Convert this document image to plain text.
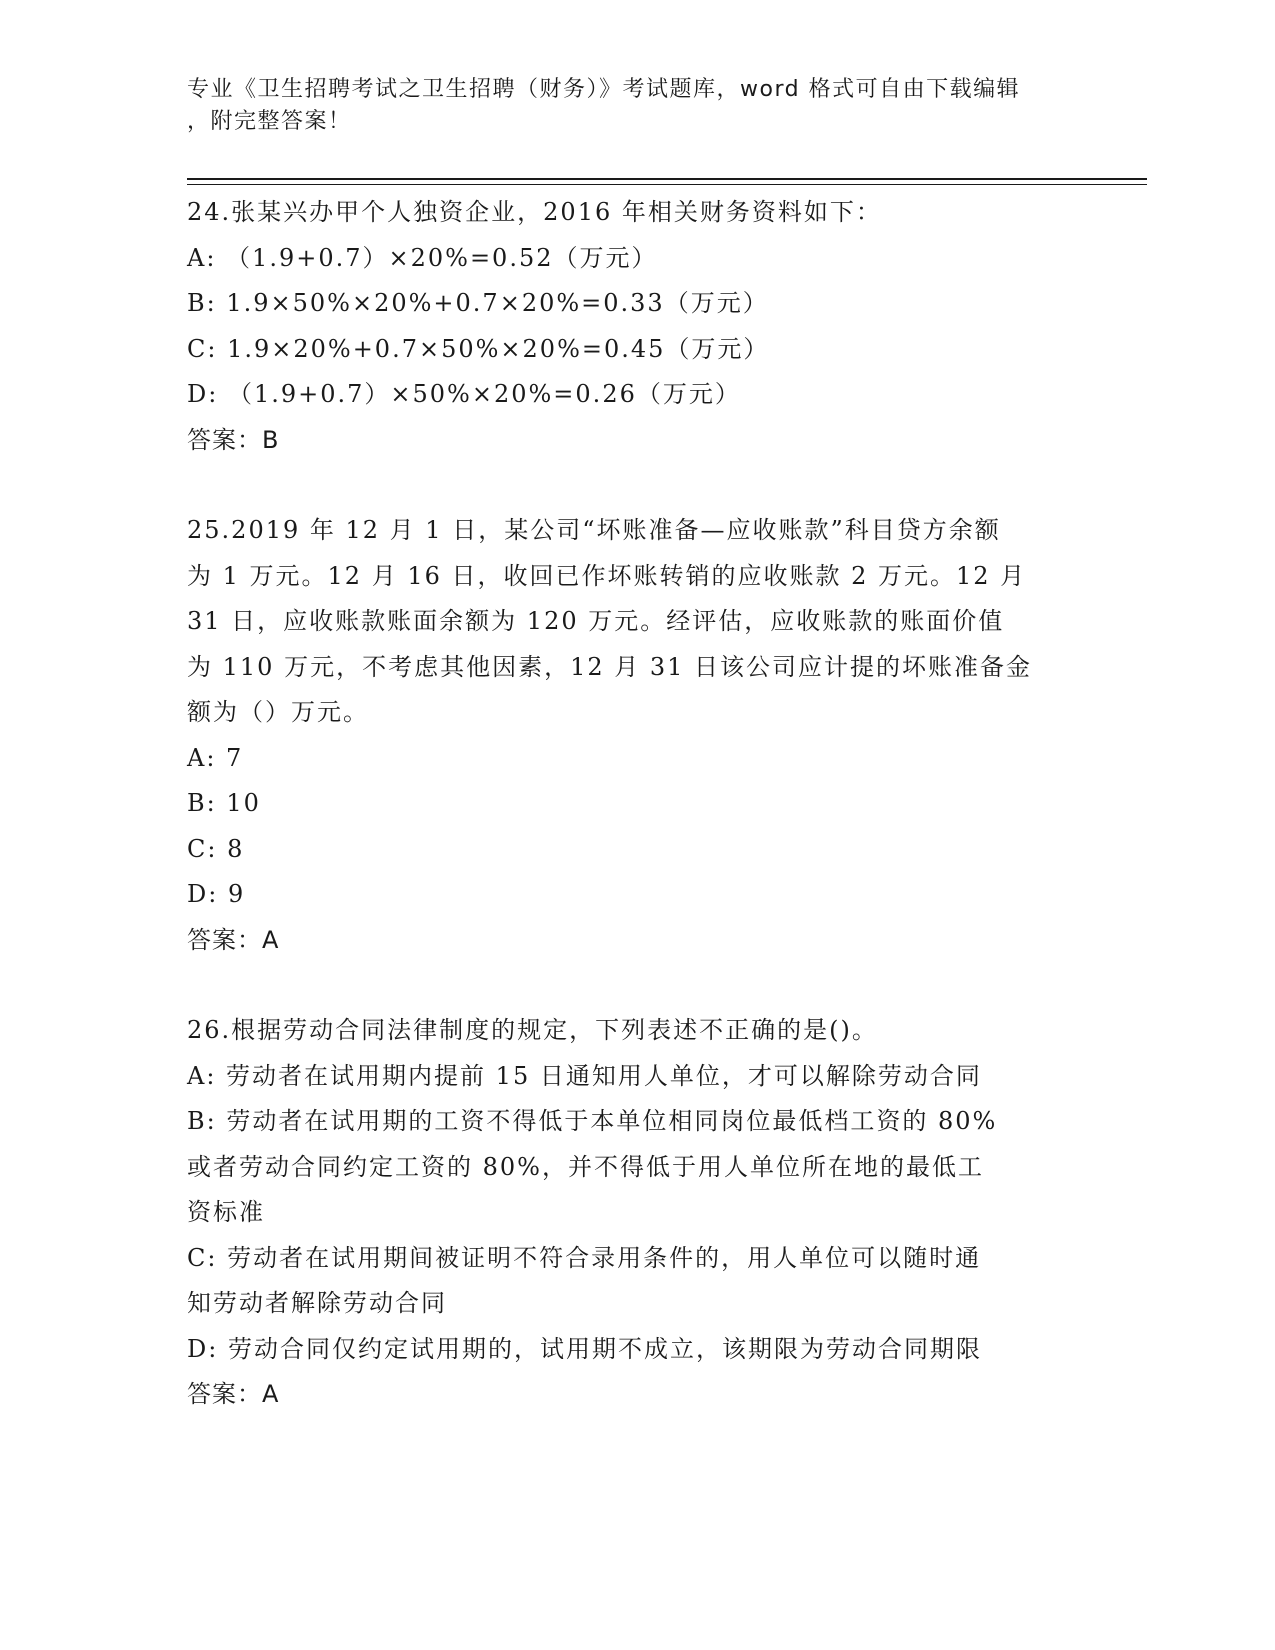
专业《卫生招聘考试之卫生招聘（财务）》考试题库，word 格式可自由下载编辑
，附完整答案！
24.张某兴办甲个人独资企业，2016 年相关财务资料如下：
A: （1.9+0.7）×20%=0.52（万元）
B: 1.9×50%×20%+0.7×20%=0.33（万元）
C: 1.9×20%+0.7×50%×20%=0.45（万元）
D: （1.9+0.7）×50%×20%=0.26（万元）
答案：B
25.2019 年 12 月 1 日，某公司“坏账准备—应收账款”科目贷方余额
为 1 万元。12 月 16 日，收回已作坏账转销的应收账款 2 万元。12 月
31 日，应收账款账面余额为 120 万元。经评估，应收账款的账面价值
为 110 万元，不考虑其他因素，12 月 31 日该公司应计提的坏账准备金
额为（）万元。
A: 7
B: 10
C: 8
D: 9
答案：A
26.根据劳动合同法律制度的规定，下列表述不正确的是()。
A: 劳动者在试用期内提前 15 日通知用人单位，才可以解除劳动合同
B: 劳动者在试用期的工资不得低于本单位相同岗位最低档工资的 80%
或者劳动合同约定工资的 80%，并不得低于用人单位所在地的最低工
资标准
C: 劳动者在试用期间被证明不符合录用条件的，用人单位可以随时通
知劳动者解除劳动合同
D: 劳动合同仅约定试用期的，试用期不成立，该期限为劳动合同期限
答案：A
